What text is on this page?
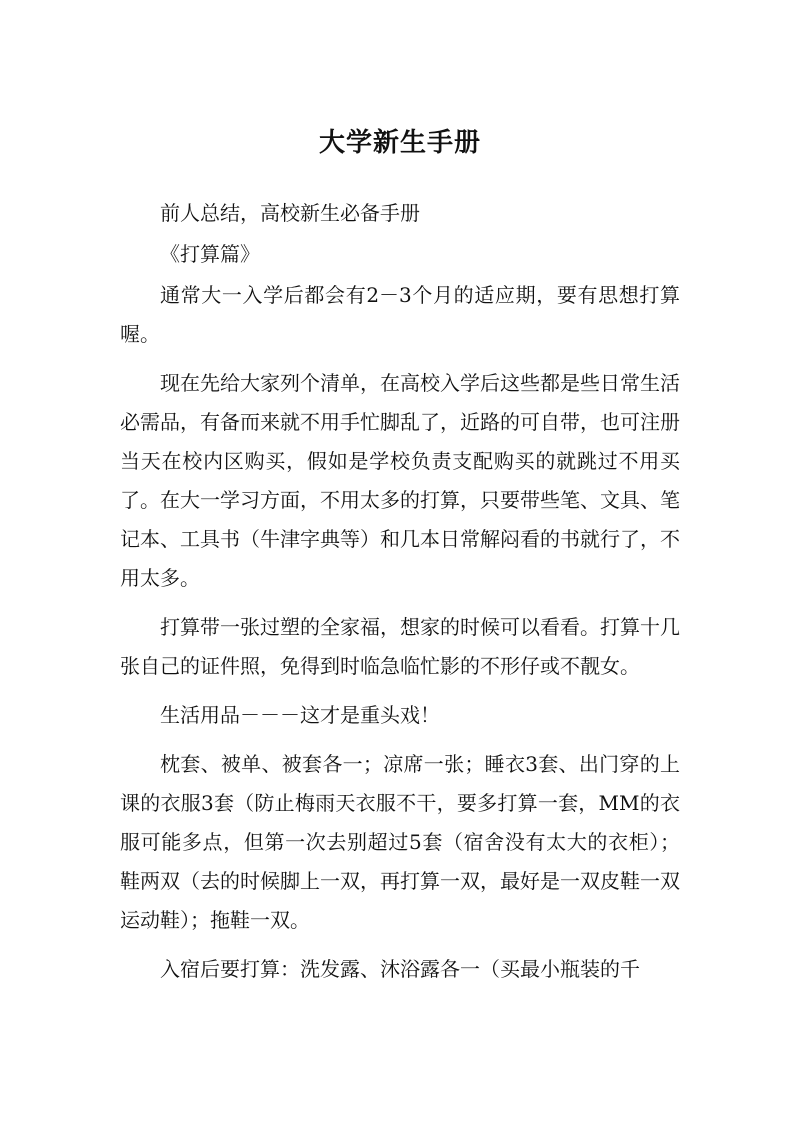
大学新生手册

前人总结，高校新生必备手册

《打算篇》

通常大一入学后都会有2－3个月的适应期，要有思想打算喔。

现在先给大家列个清单，在高校入学后这些都是些日常生活必需品，有备而来就不用手忙脚乱了，近路的可自带，也可注册当天在校内区购买，假如是学校负责支配购买的就跳过不用买了。在大一学习方面，不用太多的打算，只要带些笔、文具、笔记本、工具书（牛津字典等）和几本日常解闷看的书就行了，不用太多。

打算带一张过塑的全家福，想家的时候可以看看。打算十几张自己的证件照，免得到时临急临忙影的不形仔或不靓女。

生活用品－－－这才是重头戏！

枕套、被单、被套各一；凉席一张；睡衣3套、出门穿的上课的衣服3套（防止梅雨天衣服不干，要多打算一套，MM的衣服可能多点，但第一次去别超过5套（宿舍没有太大的衣柜）；鞋两双（去的时候脚上一双，再打算一双，最好是一双皮鞋一双运动鞋）；拖鞋一双。

入宿后要打算：洗发露、沐浴露各一（买最小瓶装的千
